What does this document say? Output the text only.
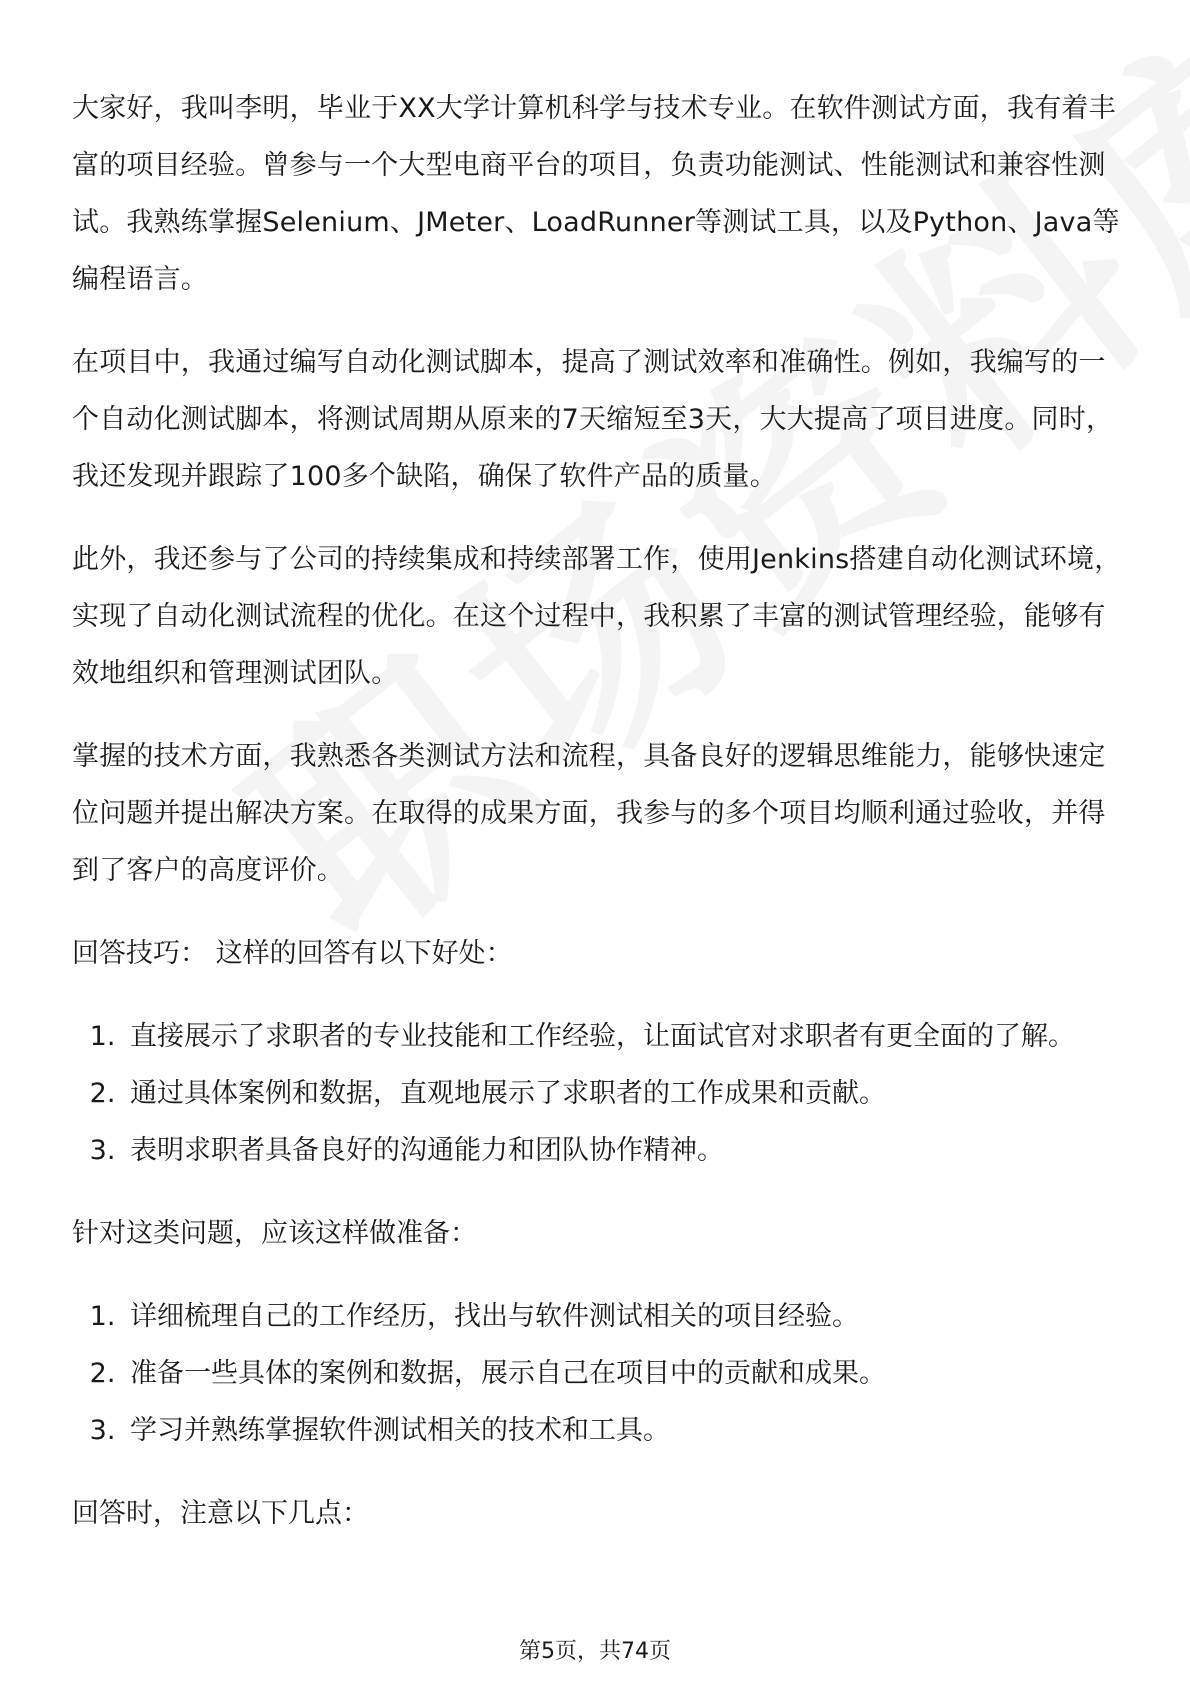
大家好，我叫李明，毕业于XX大学计算机科学与技术专业。在软件测试方面，我有着丰富的项目经验。曾参与一个大型电商平台的项目，负责功能测试、性能测试和兼容性测试。我熟练掌握Selenium、JMeter、LoadRunner等测试工具，以及Python、Java等编程语言。

在项目中，我通过编写自动化测试脚本，提高了测试效率和准确性。例如，我编写的一个自动化测试脚本，将测试周期从原来的7天缩短至3天，大大提高了项目进度。同时，我还发现并跟踪了100多个缺陷，确保了软件产品的质量。

此外，我还参与了公司的持续集成和持续部署工作，使用Jenkins搭建自动化测试环境，实现了自动化测试流程的优化。在这个过程中，我积累了丰富的测试管理经验，能够有效地组织和管理测试团队。

掌握的技术方面，我熟悉各类测试方法和流程，具备良好的逻辑思维能力，能够快速定位问题并提出解决方案。在取得的成果方面，我参与的多个项目均顺利通过验收，并得到了客户的高度评价。

回答技巧： 这样的回答有以下好处：
1. 直接展示了求职者的专业技能和工作经验，让面试官对求职者有更全面的了解。
2. 通过具体案例和数据，直观地展示了求职者的工作成果和贡献。
3. 表明求职者具备良好的沟通能力和团队协作精神。
针对这类问题，应该这样做准备：
1. 详细梳理自己的工作经历，找出与软件测试相关的项目经验。
2. 准备一些具体的案例和数据，展示自己在项目中的贡献和成果。
3. 学习并熟练掌握软件测试相关的技术和工具。
回答时，注意以下几点：
第5页，共74页
